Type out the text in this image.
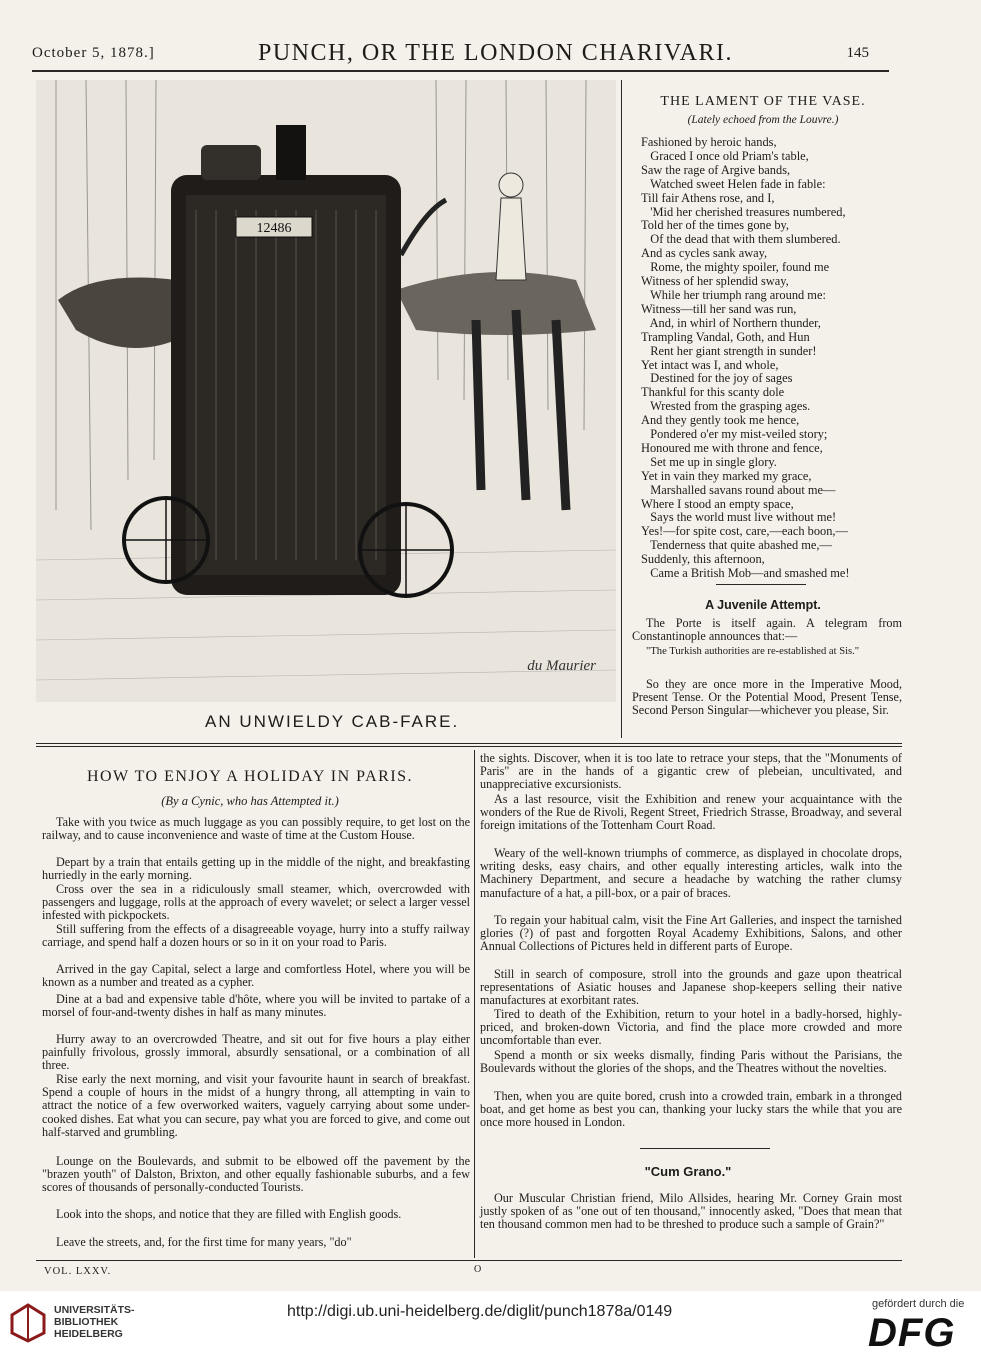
October 5, 1878.]	PUNCH, OR THE LONDON CHARIVARI.	145
12486
du Maurier
AN UNWIELDY CAB-FARE.
THE LAMENT OF THE VASE.
(Lately echoed from the Louvre.)
Fashioned by heroic hands,
Graced I once old Priam's table,
Saw the rage of Argive bands,
Watched sweet Helen fade in fable:
Till fair Athens rose, and I,
'Mid her cherished treasures numbered,
Told her of the times gone by,
Of the dead that with them slumbered.
And as cycles sank away,
Rome, the mighty spoiler, found me
Witness of her splendid sway,
While her triumph rang around me:
Witness—till her sand was run,
And, in whirl of Northern thunder,
Trampling Vandal, Goth, and Hun
Rent her giant strength in sunder!
Yet intact was I, and whole,
Destined for the joy of sages
Thankful for this scanty dole
Wrested from the grasping ages.
And they gently took me hence,
Pondered o'er my mist-veiled story;
Honoured me with throne and fence,
Set me up in single glory.
Yet in vain they marked my grace,
Marshalled savans round about me—
Where I stood an empty space,
Says the world must live without me!
Yes!—for spite cost, care,—each boon,—
Tenderness that quite abashed me,—
Suddenly, this afternoon,
Came a British Mob—and smashed me!
A Juvenile Attempt.

The Porte is itself again. A telegram from Constantinople announces that:—

"The Turkish authorities are re-established at Sis."

So they are once more in the Imperative Mood, Present Tense. Or the Potential Mood, Present Tense, Second Person Singular—whichever you please, Sir.

HOW TO ENJOY A HOLIDAY IN PARIS.
(By a Cynic, who has Attempted it.)

Take with you twice as much luggage as you can possibly require, to get lost on the railway, and to cause inconvenience and waste of time at the Custom House.

Depart by a train that entails getting up in the middle of the night, and breakfasting hurriedly in the early morning.

Cross over the sea in a ridiculously small steamer, which, overcrowded with passengers and luggage, rolls at the approach of every wavelet; or select a larger vessel infested with pickpockets.

Still suffering from the effects of a disagreeable voyage, hurry into a stuffy railway carriage, and spend half a dozen hours or so in it on your road to Paris.

Arrived in the gay Capital, select a large and comfortless Hotel, where you will be known as a number and treated as a cypher.

Dine at a bad and expensive table d'hôte, where you will be invited to partake of a morsel of four-and-twenty dishes in half as many minutes.

Hurry away to an overcrowded Theatre, and sit out for five hours a play either painfully frivolous, grossly immoral, absurdly sensational, or a combination of all three.

Rise early the next morning, and visit your favourite haunt in search of breakfast. Spend a couple of hours in the midst of a hungry throng, all attempting in vain to attract the notice of a few overworked waiters, vaguely carrying about some under-cooked dishes. Eat what you can secure, pay what you are forced to give, and come out half-starved and grumbling.

Lounge on the Boulevards, and submit to be elbowed off the pavement by the "brazen youth" of Dalston, Brixton, and other equally fashionable suburbs, and a few scores of thousands of personally-conducted Tourists.

Look into the shops, and notice that they are filled with English goods.

Leave the streets, and, for the first time for many years, "do"

the sights. Discover, when it is too late to retrace your steps, that the "Monuments of Paris" are in the hands of a gigantic crew of plebeian, uncultivated, and unappreciative excursionists.

As a last resource, visit the Exhibition and renew your acquaintance with the wonders of the Rue de Rivoli, Regent Street, Friedrich Strasse, Broadway, and several foreign imitations of the Tottenham Court Road.

Weary of the well-known triumphs of commerce, as displayed in chocolate drops, writing desks, easy chairs, and other equally interesting articles, walk into the Machinery Department, and secure a headache by watching the rather clumsy manufacture of a hat, a pill-box, or a pair of braces.

To regain your habitual calm, visit the Fine Art Galleries, and inspect the tarnished glories (?) of past and forgotten Royal Academy Exhibitions, Salons, and other Annual Collections of Pictures held in different parts of Europe.

Still in search of composure, stroll into the grounds and gaze upon theatrical representations of Asiatic houses and Japanese shop-keepers selling their native manufactures at exorbitant rates.

Tired to death of the Exhibition, return to your hotel in a badly-horsed, highly-priced, and broken-down Victoria, and find the place more crowded and more uncomfortable than ever.

Spend a month or six weeks dismally, finding Paris without the Parisians, the Boulevards without the glories of the shops, and the Theatres without the novelties.

Then, when you are quite bored, crush into a crowded train, embark in a thronged boat, and get home as best you can, thanking your lucky stars the while that you are once more housed in London.

"Cum Grano."

Our Muscular Christian friend, Milo Allsides, hearing Mr. Corney Grain most justly spoken of as "one out of ten thousand," innocently asked, "Does that mean that ten thousand common men had to be threshed to produce such a sample of Grain?"

VOL. LXXV.	O
UNIVERSITÄTS-
BIBLIOTHEK
HEIDELBERG
http://digi.ub.uni-heidelberg.de/diglit/punch1878a/0149	gefördert durch die
DFG
